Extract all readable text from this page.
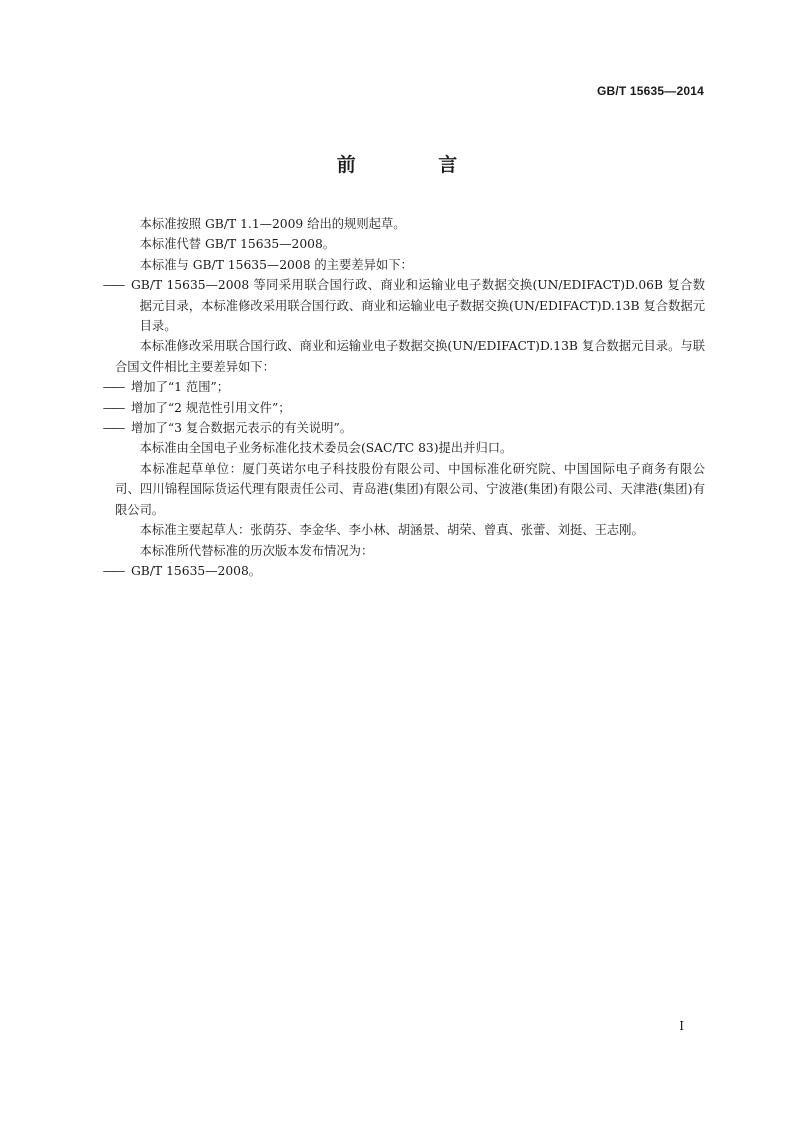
GB/T 15635—2014
前 言

本标准按照 GB/T 1.1—2009 给出的规则起草。

本标准代替 GB/T 15635—2008。

本标准与 GB/T 15635—2008 的主要差异如下：

—— GB/T 15635—2008 等同采用联合国行政、商业和运输业电子数据交换(UN/EDIFACT)D.06B 复合数据元目录，本标准修改采用联合国行政、商业和运输业电子数据交换(UN/EDIFACT)D.13B 复合数据元目录。

本标准修改采用联合国行政、商业和运输业电子数据交换(UN/EDIFACT)D.13B 复合数据元目录。与联合国文件相比主要差异如下：

—— 增加了“1 范围”；

—— 增加了“2 规范性引用文件”；

—— 增加了“3 复合数据元表示的有关说明”。

本标准由全国电子业务标准化技术委员会(SAC/TC 83)提出并归口。

本标准起草单位：厦门英诺尔电子科技股份有限公司、中国标准化研究院、中国国际电子商务有限公司、四川锦程国际货运代理有限责任公司、青岛港(集团)有限公司、宁波港(集团)有限公司、天津港(集团)有限公司。

本标准主要起草人：张荫芬、李金华、李小林、胡涵景、胡荣、曾真、张蕾、刘挺、王志刚。

本标准所代替标准的历次版本发布情况为：

—— GB/T 15635—2008。

I
